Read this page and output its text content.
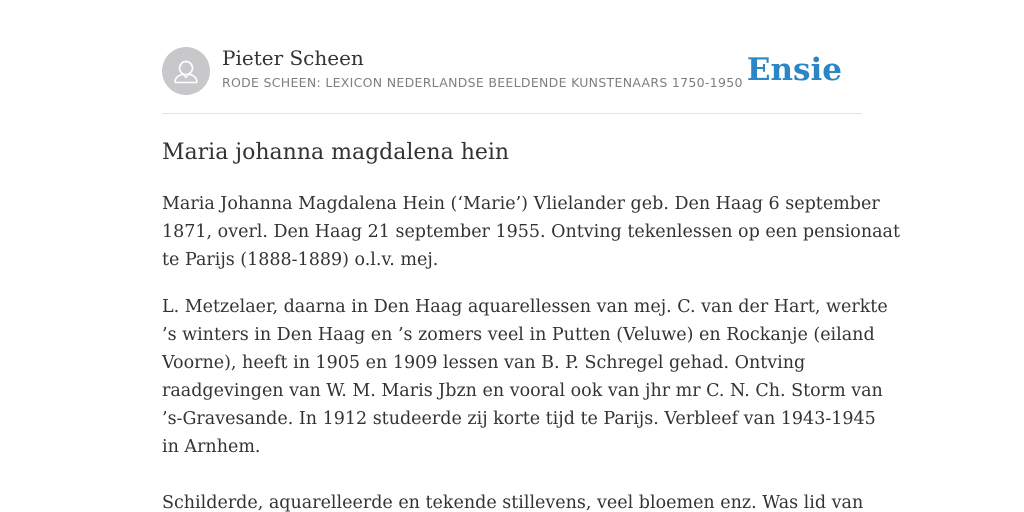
Pieter Scheen
RODE SCHEEN: LEXICON NEDERLANDSE BEELDENDE KUNSTENAARS 1750-1950 Ensie
Maria johanna magdalena hein

Maria Johanna Magdalena Hein (‘Marie’) Vlielander geb. Den Haag 6 september
1871, overl. Den Haag 21 september 1955. Ontving tekenlessen op een pensionaat
te Parijs (1888-1889) o.l.v. mej.

L. Metzelaer, daarna in Den Haag aquarellessen van mej. C. van der Hart, werkte
’s winters in Den Haag en ’s zomers veel in Putten (Veluwe) en Rockanje (eiland
Voorne), heeft in 1905 en 1909 lessen van B. P. Schregel gehad. Ontving
raadgevingen van W. M. Maris Jbzn en vooral ook van jhr mr C. N. Ch. Storm van
’s-Gravesande. In 1912 studeerde zij korte tijd te Parijs. Verbleef van 1943-1945
in Arnhem.

Schilderde, aquarelleerde en tekende stillevens, veel bloemen enz. Was lid van
